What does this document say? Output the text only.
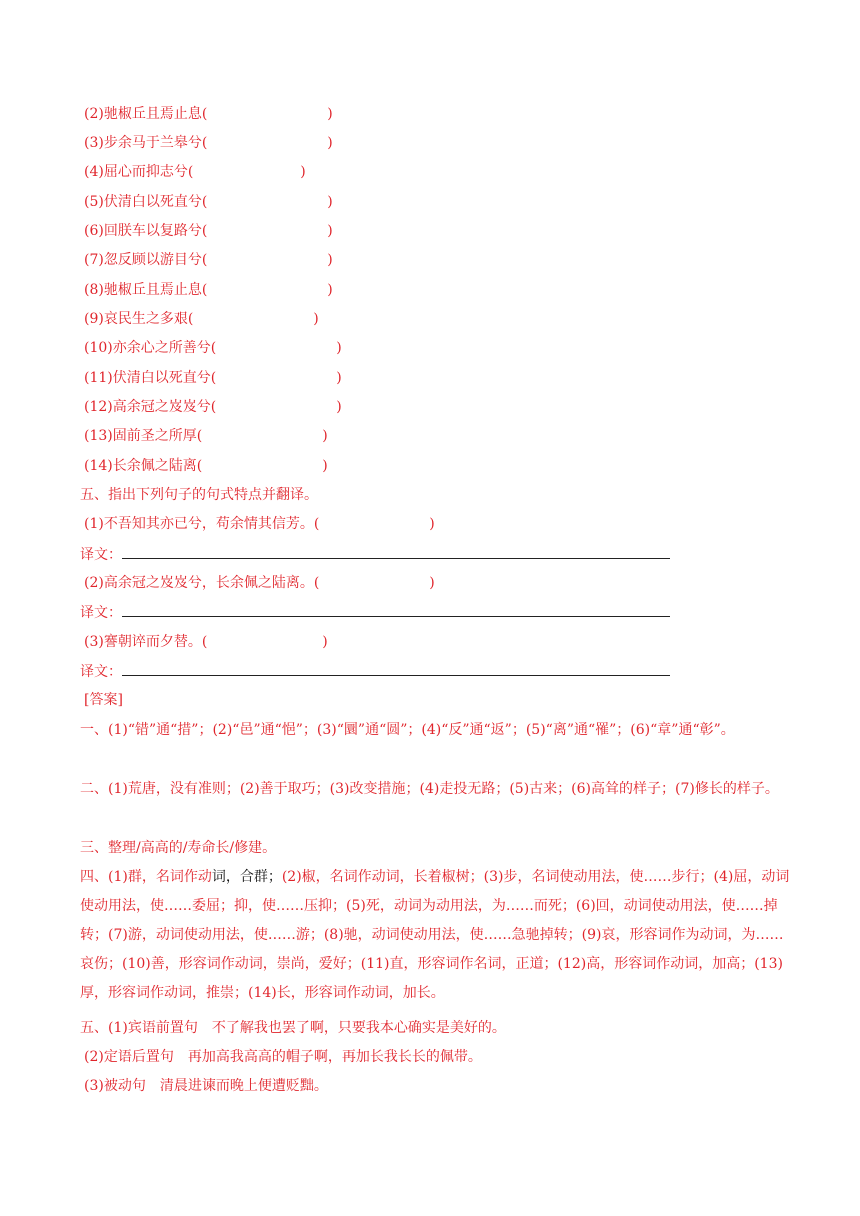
(2)驰椒丘且焉止息(	)
(3)步余马于兰皋兮(	)
(4)屈心而抑志兮(	)
(5)伏清白以死直兮(	)
(6)回朕车以复路兮(	)
(7)忽反顾以游目兮(	)
(8)驰椒丘且焉止息(	)
(9)哀民生之多艰(	)
(10)亦余心之所善兮(	)
(11)伏清白以死直兮(	)
(12)高余冠之岌岌兮(	)
(13)固前圣之所厚(	)
(14)长余佩之陆离(	)
五、指出下列句子的句式特点并翻译。
(1)不吾知其亦已兮，苟余情其信芳。(	)
译文：
(2)高余冠之岌岌兮，长余佩之陆离。(	)
译文：
(3)謇朝谇而夕替。(	)
译文：
[答案]
一、(1)“错”通“措”；(2)“邑”通“悒”；(3)“圜”通“圆”；(4)“反”通“返”；(5)“离”通“罹”；(6)“章”通“彰”。
二、(1)荒唐，没有准则；(2)善于取巧；(3)改变措施；(4)走投无路；(5)古来；(6)高耸的样子；(7)修长的样子。
三、整理/高高的/寿命长/修建。
四、(1)群，名词作动词，合群；(2)椒，名词作动词，长着椒树；(3)步，名词使动用法，使……步行；(4)屈，动词使动用法，使……委屈；抑，使……压抑；(5)死，动词为动用法，为……而死；(6)回，动词使动用法，使……掉转；(7)游，动词使动用法，使……游；(8)驰，动词使动用法，使……急驰掉转；(9)哀，形容词作为动词，为……哀伤；(10)善，形容词作动词，崇尚，爱好；(11)直，形容词作名词，正道；(12)高，形容词作动词，加高；(13)厚，形容词作动词，推崇；(14)长，形容词作动词，加长。
五、(1)宾语前置句　不了解我也罢了啊，只要我本心确实是美好的。
(2)定语后置句　再加高我高高的帽子啊，再加长我长长的佩带。
(3)被动句　清晨进谏而晚上便遭贬黜。
